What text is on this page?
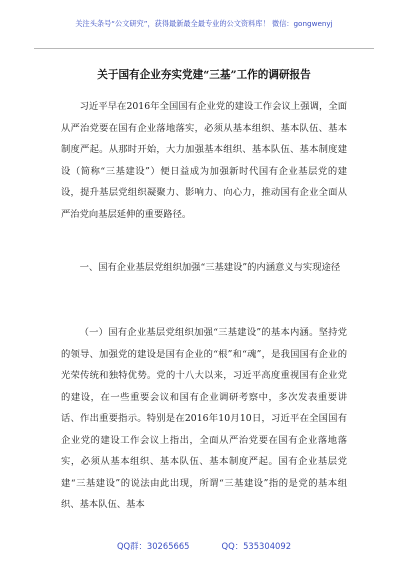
关注头条号“公文研究”，获得最新最全最专业的公文资料库！ 微信：gongwenyj
关于国有企业夯实党建“三基”工作的调研报告

习近平早在2016年全国国有企业党的建设工作会议上强调，全面从严治党要在国有企业落地落实，必须从基本组织、基本队伍、基本制度严起。从那时开始，大力加强基本组织、基本队伍、基本制度建设（简称“三基建设”）便日益成为加强新时代国有企业基层党的建设，提升基层党组织凝聚力、影响力、向心力，推动国有企业全面从严治党向基层延伸的重要路径。

一、国有企业基层党组织加强“三基建设”的内涵意义与实现途径

（一）国有企业基层党组织加强“三基建设”的基本内涵。坚持党的领导、加强党的建设是国有企业的“根”和“魂”，是我国国有企业的光荣传统和独特优势。党的十八大以来，习近平高度重视国有企业党的建设，在一些重要会议和国有企业调研考察中，多次发表重要讲话、作出重要指示。特别是在2016年10月10日，习近平在全国国有企业党的建设工作会议上指出，全面从严治党要在国有企业落地落实，必须从基本组织、基本队伍、基本制度严起。国有企业基层党建“三基建设”的说法由此出现，所谓“三基建设”指的是党的基本组织、基本队伍、基本

QQ群：30265665	QQ：535304092
